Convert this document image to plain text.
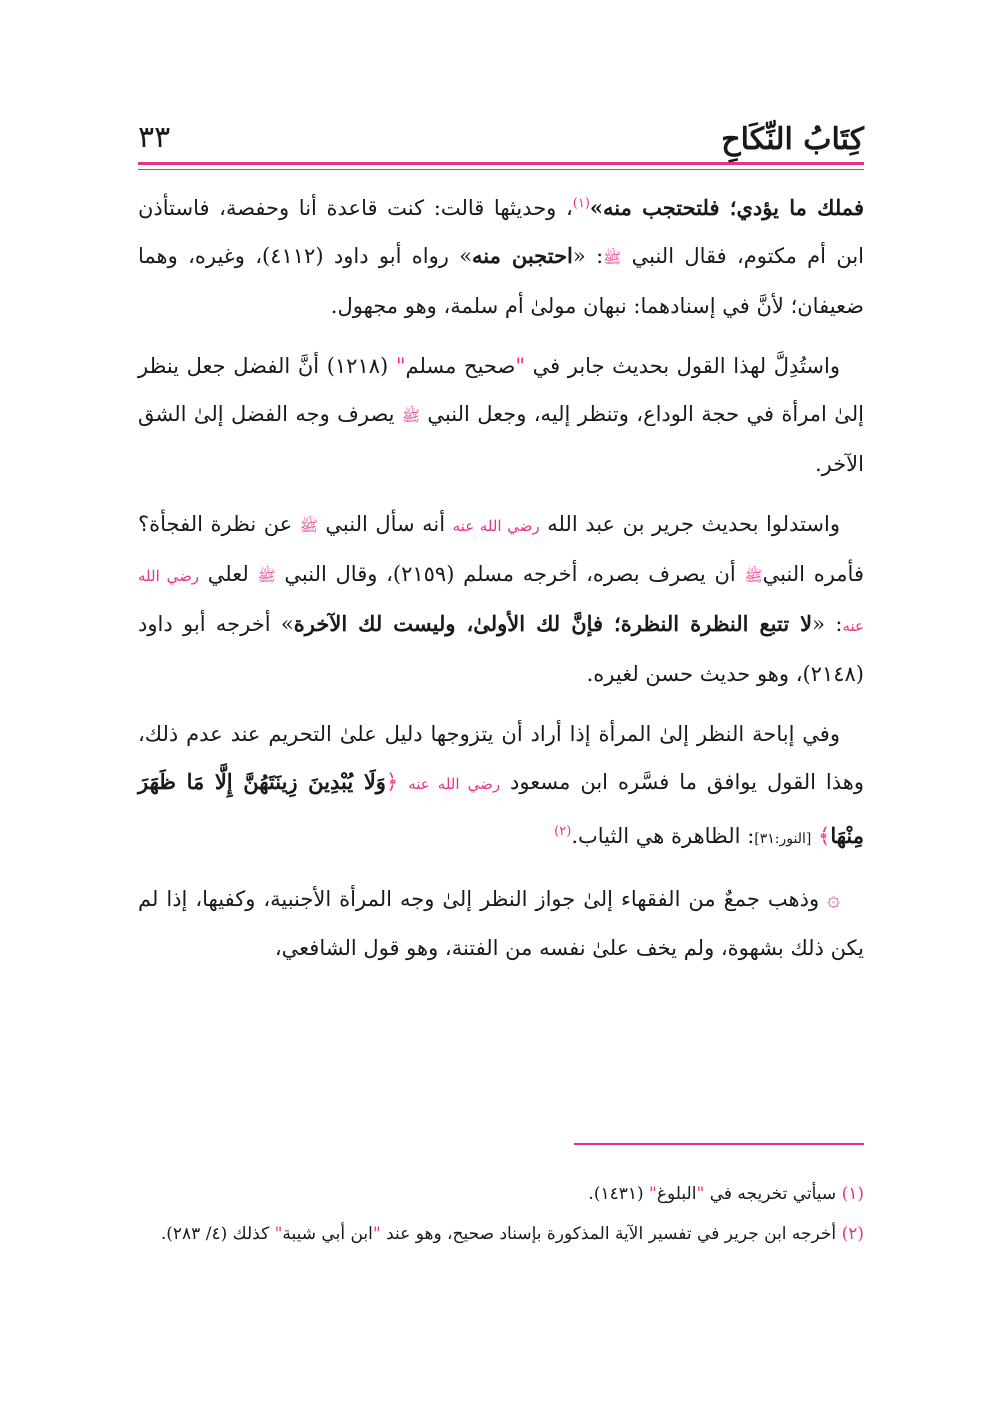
كِتَابُ النِّكَاحِ
٣٣

فملك ما يؤدي؛ فلتحتجب منه»$^{(١)}$، وحديثها قالت: كنت قاعدة أنا وحفصة، فاستأذن ابن أم مكتوم، فقال النبي ﷺ: «احتجبن منه» رواه أبو داود (٤١١٢)، وغيره، وهما ضعيفان؛ لأنَّ في إسنادهما: نبهان مولىٰ أم سلمة، وهو مجهول.

واستُدِلَّ لهذا القول بحديث جابر في "صحيح مسلم" (١٢١٨) أنَّ الفضل جعل ينظر إلىٰ امرأة في حجة الوداع، وتنظر إليه، وجعل النبي ﷺ يصرف وجه الفضل إلىٰ الشق الآخر.

واستدلوا بحديث جرير بن عبد الله رضي الله عنه أنه سأل النبي ﷺ عن نظرة الفجأة؟ فأمره النبيﷺ أن يصرف بصره، أخرجه مسلم (٢١٥٩)، وقال النبي ﷺ لعلي رضي الله عنه: «لا تتبع النظرة النظرة؛ فإنَّ لك الأولىٰ، وليست لك الآخرة» أخرجه أبو داود (٢١٤٨)، وهو حديث حسن لغيره.

وفي إباحة النظر إلىٰ المرأة إذا أراد أن يتزوجها دليل علىٰ التحريم عند عدم ذلك، وهذا القول يوافق ما فسَّره ابن مسعود رضي الله عنه ﴿وَلَا يُبْدِينَ زِينَتَهُنَّ إِلَّا مَا ظَهَرَ مِنْهَا﴾ [النور:٣١]: الظاهرة هي الثياب.$^{(٢)}$

۞ وذهب جمعٌ من الفقهاء إلىٰ جواز النظر إلىٰ وجه المرأة الأجنبية، وكفيها، إذا لم يكن ذلك بشهوة، ولم يخف علىٰ نفسه من الفتنة، وهو قول الشافعي،

(١) سيأتي تخريجه في "البلوغ" (١٤٣١).

(٢) أخرجه ابن جرير في تفسير الآية المذكورة بإسناد صحيح، وهو عند "ابن أبي شيبة" كذلك (٤/ ٢٨٣).
